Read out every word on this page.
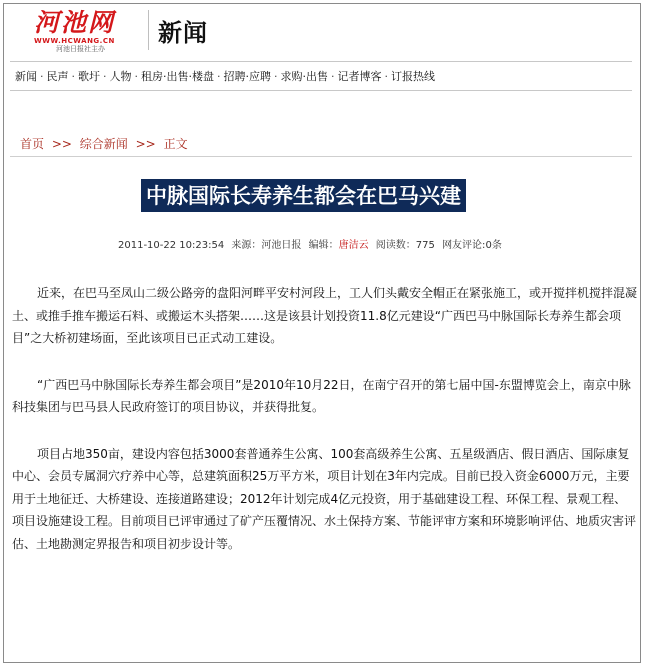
河池网
WWW.HCWANG.CN
河池日报社主办
新闻
新闻 · 民声 · 歌圩 · 人物 · 租房·出售·楼盘 · 招聘·应聘 · 求购·出售 · 记者博客 · 订报热线
首页 >> 综合新闻 >> 正文
中脉国际长寿养生都会在巴马兴建
2011-10-22 10:23:54 来源：河池日报 编辑：唐洁云 阅读数：775 网友评论:0条

近来，在巴马至凤山二级公路旁的盘阳河畔平安村河段上，工人们头戴安全帽正在紧张施工，或开搅拌机搅拌混凝土、或推手推车搬运石料、或搬运木头搭架……这是该县计划投资11.8亿元建设“广西巴马中脉国际长寿养生都会项目”之大桥初建场面，至此该项目已正式动工建设。

“广西巴马中脉国际长寿养生都会项目”是2010年10月22日，在南宁召开的第七届中国-东盟博览会上，南京中脉科技集团与巴马县人民政府签订的项目协议，并获得批复。

项目占地350亩，建设内容包括3000套普通养生公寓、100套高级养生公寓、五星级酒店、假日酒店、国际康复中心、会员专属洞穴疗养中心等，总建筑面积25万平方米，项目计划在3年内完成。目前已投入资金6000万元，主要用于土地征迁、大桥建设、连接道路建设；2012年计划完成4亿元投资，用于基础建设工程、环保工程、景观工程、项目设施建设工程。目前项目已评审通过了矿产压覆情况、水土保持方案、节能评审方案和环境影响评估、地质灾害评估、土地勘测定界报告和项目初步设计等。
